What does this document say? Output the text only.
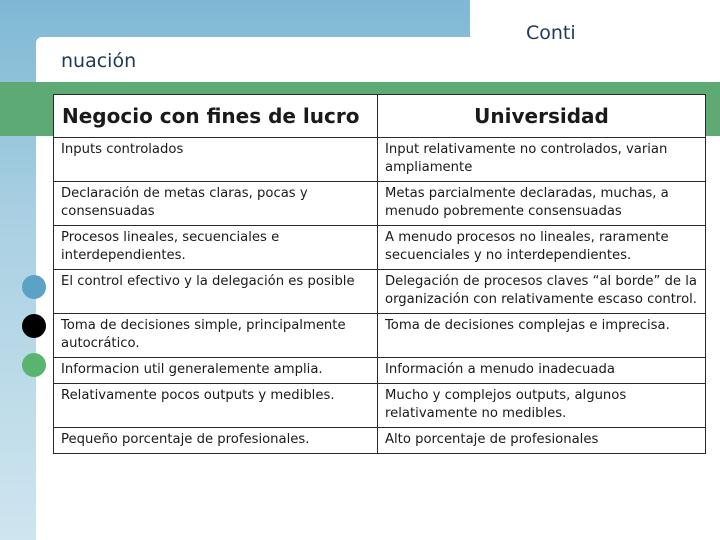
Conti
nuación
Negocio con fines de lucro	Universidad
Inputs controlados	Input relativamente no controlados, varian ampliamente
Declaración de metas claras, pocas y consensuadas	Metas parcialmente declaradas, muchas, a menudo pobremente consensuadas
Procesos lineales, secuenciales e interdependientes.	A menudo procesos no lineales, raramente secuenciales y no interdependientes.
El control efectivo y la delegación es posible	Delegación de procesos claves “al borde” de la organización con relativamente escaso control.
Toma de decisiones simple, principalmente autocrático.	Toma de decisiones complejas e imprecisa.
Informacion util generalemente amplia.	Información a menudo inadecuada
Relativamente pocos outputs y medibles.	Mucho y complejos outputs, algunos relativamente no medibles.
Pequeño porcentaje de profesionales.	Alto porcentaje de profesionales
